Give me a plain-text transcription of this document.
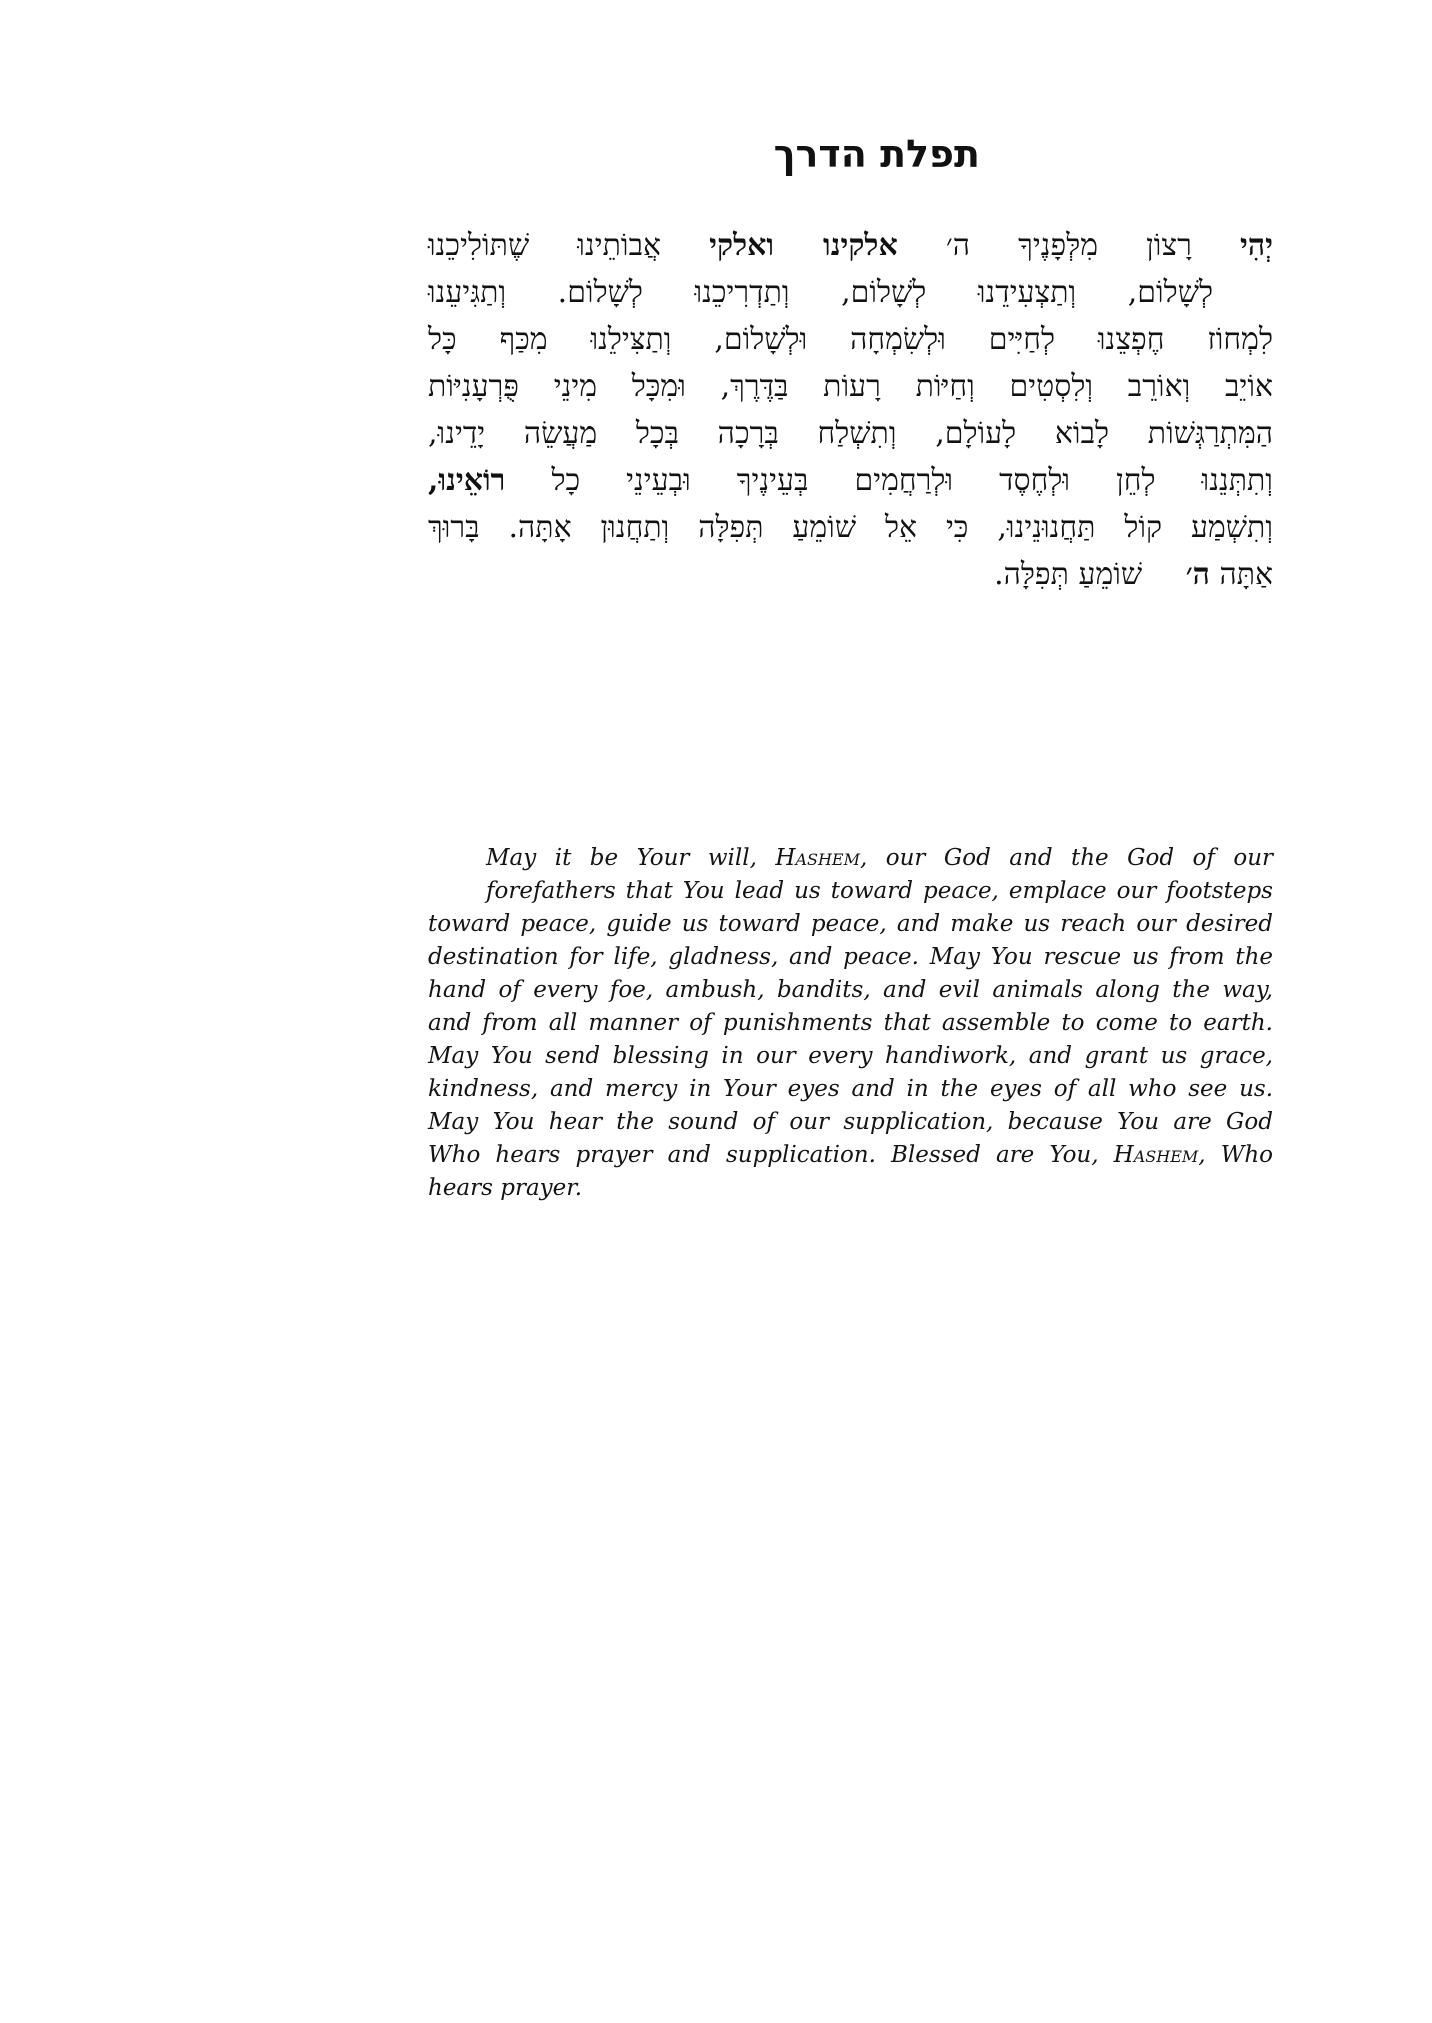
תפלת הדרך
יְהִי רָצוֹן מִלְּפָנֶיךָ ה׳ אלקינו ואלקי אֲבוֹתֵינוּ שֶׁתּוֹלִיכֵנוּ
לְשָׁלוֹם, וְתַצְעִידֵנוּ לְשָׁלוֹם, וְתַדְרִיכֵנוּ לְשָׁלוֹם. וְתַגִּיעֵנוּ
לִמְחוֹז חֶפְצֵנוּ לְחַיִּים וּלְשִׂמְחָה וּלְשָׁלוֹם, וְתַצִּילֵנוּ מִכַּף כָּל
אוֹיֵב וְאוֹרֵב וְלִסְטִים וְחַיּוֹת רָעוֹת בַּדֶּרֶךְ, וּמִכָּל מִינֵי פֻּרְעָנִיּוֹת
הַמִּתְרַגְּשׁוֹת לָבוֹא לָעוֹלָם, וְתִשְׁלַח בְּרָכָה בְּכָל מַעֲשֵׂה יָדֵינוּ,
וְתִתְּנֵנוּ לְחֵן וּלְחֶסֶד וּלְרַחֲמִים בְּעֵינֶיךָ וּבְעֵינֵי כָל רוֹאֵינוּ,
וְתִשְׁמַע קוֹל תַּחֲנוּנֵינוּ, כִּי אֵל שׁוֹמֵעַ תְּפִלָּה וְתַחֲנוּן אָתָּה. בָּרוּךְ
אַתָּה ה׳ שׁוֹמֵעַ תְּפִלָּה.
May it be Your will, Hashem, our God and the God of our
forefathers that You lead us toward peace, emplace our footsteps
toward peace, guide us toward peace, and make us reach our desired
destination for life, gladness, and peace. May You rescue us from the
hand of every foe, ambush, bandits, and evil animals along the way,
and from all manner of punishments that assemble to come to earth.
May You send blessing in our every handiwork, and grant us grace,
kindness, and mercy in Your eyes and in the eyes of all who see us.
May You hear the sound of our supplication, because You are God
Who hears prayer and supplication. Blessed are You, Hashem, Who
hears prayer.
